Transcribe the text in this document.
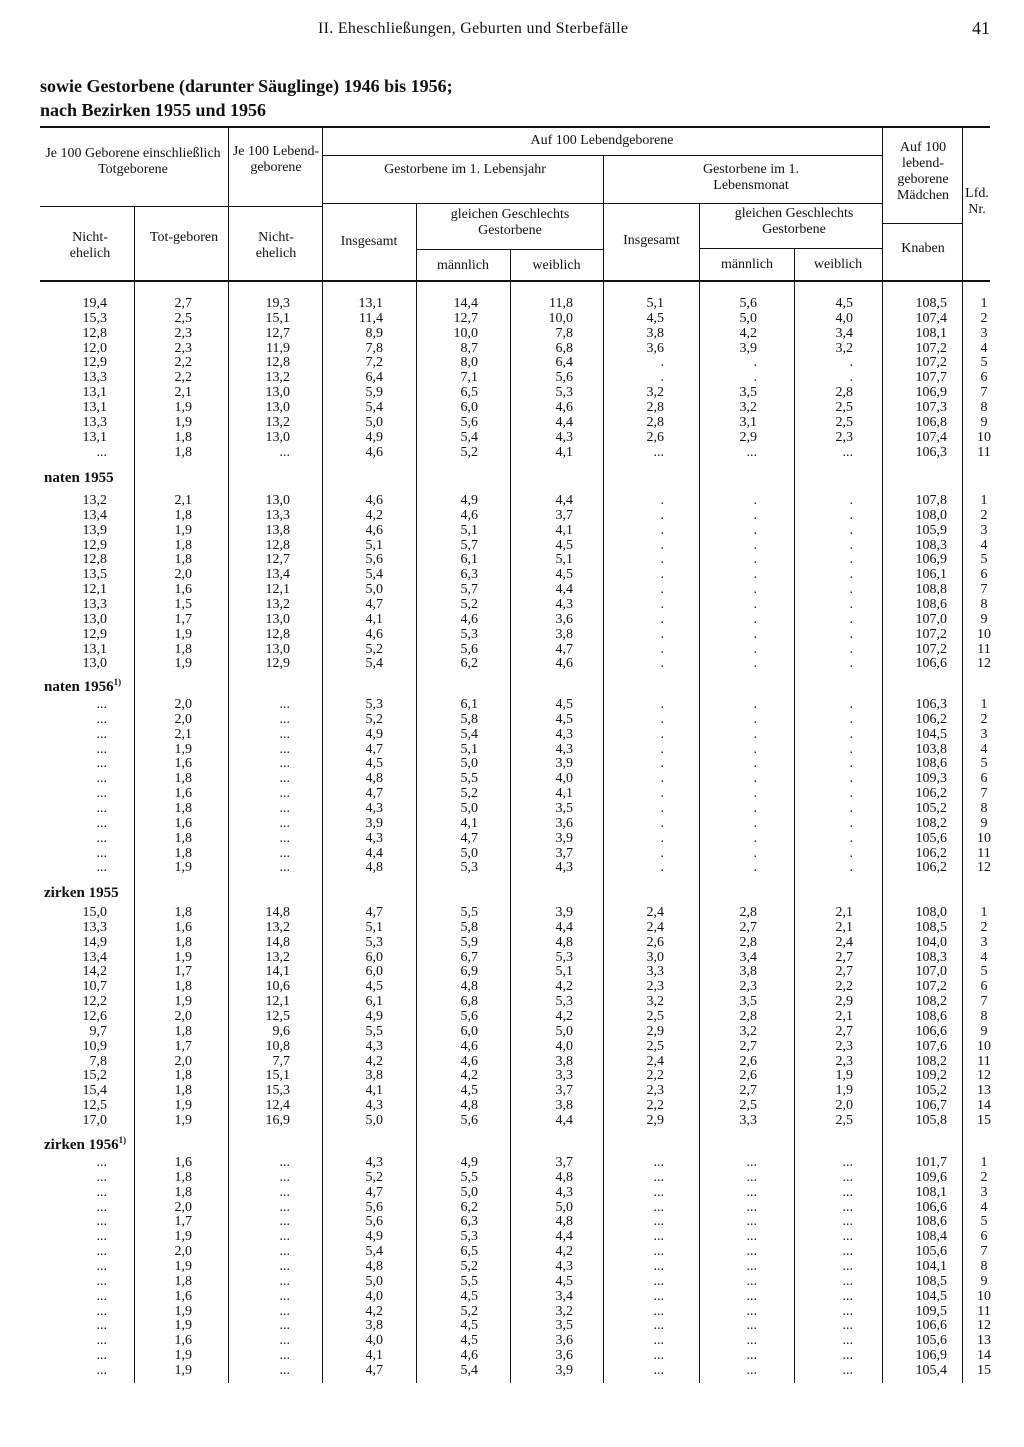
II. Eheschließungen, Geburten und Sterbefälle	41
sowie Gestorbene (darunter Säuglinge) 1946 bis 1956;
nach Bezirken 1955 und 1956
Je 100 Geborene einschließlich Totgeborene
Nicht-ehelich
Tot-geboren
Je 100 Lebend-geborene
Nicht-ehelich
Auf 100 Lebendgeborene
Gestorbene im 1. Lebensjahr	Gestorbene im 1. Lebensmonat
Insgesamt
gleichen Geschlechts Gestorbene
männlich	weiblich
Insgesamt
gleichen Geschlechts Gestorbene
männlich	weiblich
Auf 100 lebend-geborene Mädchen
Knaben
Lfd. Nr.
19,4	2,7	19,3	13,1	14,4	11,8	5,1	5,6	4,5	108,5	1
15,3	2,5	15,1	11,4	12,7	10,0	4,5	5,0	4,0	107,4	2
12,8	2,3	12,7	8,9	10,0	7,8	3,8	4,2	3,4	108,1	3
12,0	2,3	11,9	7,8	8,7	6,8	3,6	3,9	3,2	107,2	4
12,9	2,2	12,8	7,2	8,0	6,4	.	.	.	107,2	5
13,3	2,2	13,2	6,4	7,1	5,6	.	.	.	107,7	6
13,1	2,1	13,0	5,9	6,5	5,3	3,2	3,5	2,8	106,9	7
13,1	1,9	13,0	5,4	6,0	4,6	2,8	3,2	2,5	107,3	8
13,3	1,9	13,2	5,0	5,6	4,4	2,8	3,1	2,5	106,8	9
13,1	1,8	13,0	4,9	5,4	4,3	2,6	2,9	2,3	107,4	10
...	1,8	...	4,6	5,2	4,1	...	...	...	106,3	11
naten 1955
13,2	2,1	13,0	4,6	4,9	4,4	.	.	.	107,8	1
13,4	1,8	13,3	4,2	4,6	3,7	.	.	.	108,0	2
13,9	1,9	13,8	4,6	5,1	4,1	.	.	.	105,9	3
12,9	1,8	12,8	5,1	5,7	4,5	.	.	.	108,3	4
12,8	1,8	12,7	5,6	6,1	5,1	.	.	.	106,9	5
13,5	2,0	13,4	5,4	6,3	4,5	.	.	.	106,1	6
12,1	1,6	12,1	5,0	5,7	4,4	.	.	.	108,8	7
13,3	1,5	13,2	4,7	5,2	4,3	.	.	.	108,6	8
13,0	1,7	13,0	4,1	4,6	3,6	.	.	.	107,0	9
12,9	1,9	12,8	4,6	5,3	3,8	.	.	.	107,2	10
13,1	1,8	13,0	5,2	5,6	4,7	.	.	.	107,2	11
13,0	1,9	12,9	5,4	6,2	4,6	.	.	.	106,6	12
naten 1956$^{1)}$
...	2,0	...	5,3	6,1	4,5	.	.	.	106,3	1
...	2,0	...	5,2	5,8	4,5	.	.	.	106,2	2
...	2,1	...	4,9	5,4	4,3	.	.	.	104,5	3
...	1,9	...	4,7	5,1	4,3	.	.	.	103,8	4
...	1,6	...	4,5	5,0	3,9	.	.	.	108,6	5
...	1,8	...	4,8	5,5	4,0	.	.	.	109,3	6
...	1,6	...	4,7	5,2	4,1	.	.	.	106,2	7
...	1,8	...	4,3	5,0	3,5	.	.	.	105,2	8
...	1,6	...	3,9	4,1	3,6	.	.	.	108,2	9
...	1,8	...	4,3	4,7	3,9	.	.	.	105,6	10
...	1,8	...	4,4	5,0	3,7	.	.	.	106,2	11
...	1,9	...	4,8	5,3	4,3	.	.	.	106,2	12
zirken 1955
15,0	1,8	14,8	4,7	5,5	3,9	2,4	2,8	2,1	108,0	1
13,3	1,6	13,2	5,1	5,8	4,4	2,4	2,7	2,1	108,5	2
14,9	1,8	14,8	5,3	5,9	4,8	2,6	2,8	2,4	104,0	3
13,4	1,9	13,2	6,0	6,7	5,3	3,0	3,4	2,7	108,3	4
14,2	1,7	14,1	6,0	6,9	5,1	3,3	3,8	2,7	107,0	5
10,7	1,8	10,6	4,5	4,8	4,2	2,3	2,3	2,2	107,2	6
12,2	1,9	12,1	6,1	6,8	5,3	3,2	3,5	2,9	108,2	7
12,6	2,0	12,5	4,9	5,6	4,2	2,5	2,8	2,1	108,6	8
9,7	1,8	9,6	5,5	6,0	5,0	2,9	3,2	2,7	106,6	9
10,9	1,7	10,8	4,3	4,6	4,0	2,5	2,7	2,3	107,6	10
7,8	2,0	7,7	4,2	4,6	3,8	2,4	2,6	2,3	108,2	11
15,2	1,8	15,1	3,8	4,2	3,3	2,2	2,6	1,9	109,2	12
15,4	1,8	15,3	4,1	4,5	3,7	2,3	2,7	1,9	105,2	13
12,5	1,9	12,4	4,3	4,8	3,8	2,2	2,5	2,0	106,7	14
17,0	1,9	16,9	5,0	5,6	4,4	2,9	3,3	2,5	105,8	15
zirken 1956$^{1)}$
...	1,6	...	4,3	4,9	3,7	...	...	...	101,7	1
...	1,8	...	5,2	5,5	4,8	...	...	...	109,6	2
...	1,8	...	4,7	5,0	4,3	...	...	...	108,1	3
...	2,0	...	5,6	6,2	5,0	...	...	...	106,6	4
...	1,7	...	5,6	6,3	4,8	...	...	...	108,6	5
...	1,9	...	4,9	5,3	4,4	...	...	...	108,4	6
...	2,0	...	5,4	6,5	4,2	...	...	...	105,6	7
...	1,9	...	4,8	5,2	4,3	...	...	...	104,1	8
...	1,8	...	5,0	5,5	4,5	...	...	...	108,5	9
...	1,6	...	4,0	4,5	3,4	...	...	...	104,5	10
...	1,9	...	4,2	5,2	3,2	...	...	...	109,5	11
...	1,9	...	3,8	4,5	3,5	...	...	...	106,6	12
...	1,6	...	4,0	4,5	3,6	...	...	...	105,6	13
...	1,9	...	4,1	4,6	3,6	...	...	...	106,9	14
...	1,9	...	4,7	5,4	3,9	...	...	...	105,4	15
